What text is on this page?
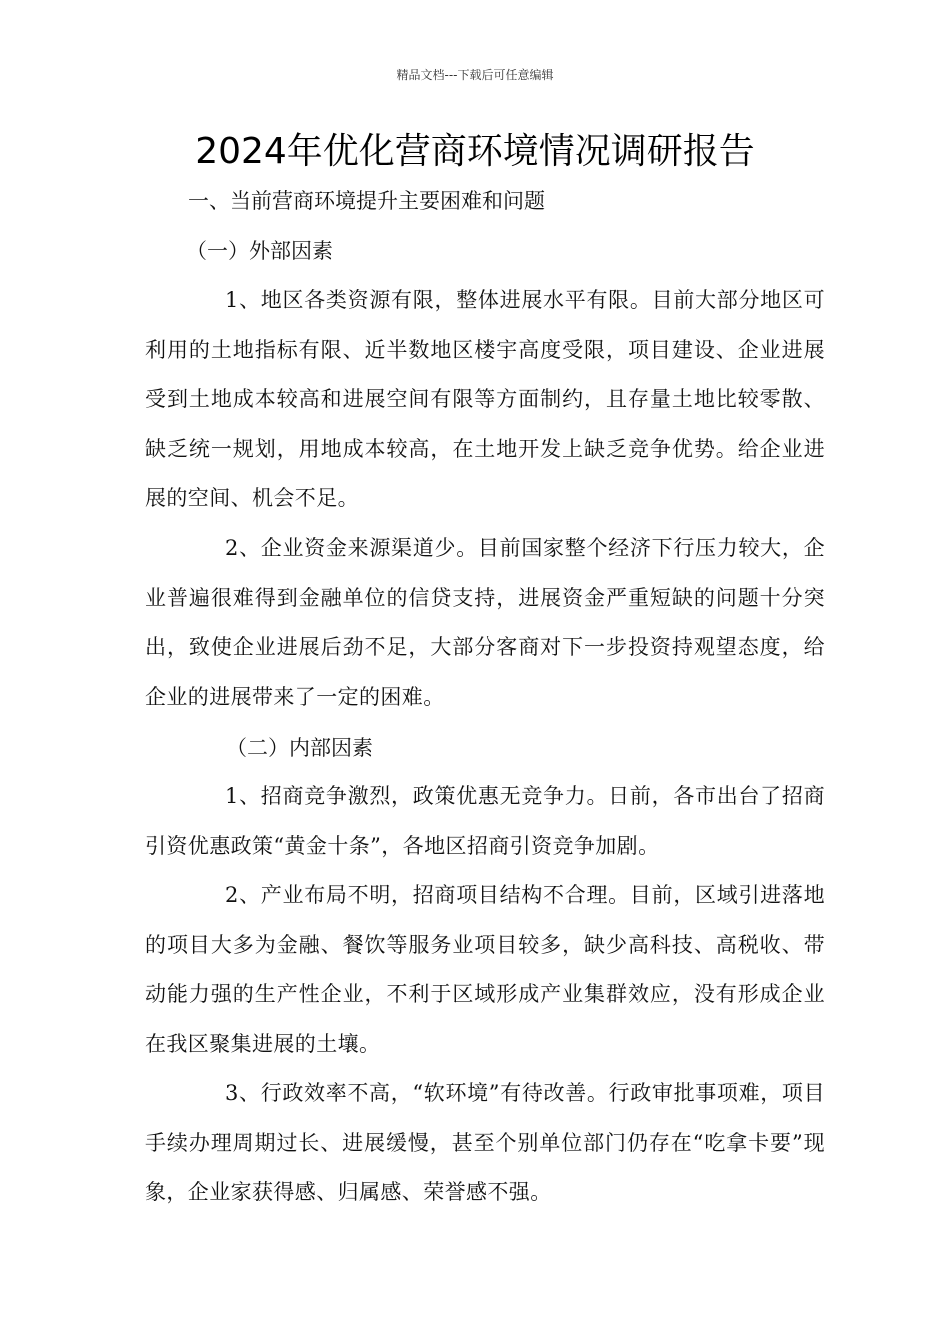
精品文档---下载后可任意编辑
2024年优化营商环境情况调研报告

一、当前营商环境提升主要困难和问题

（一）外部因素

1、地区各类资源有限，整体进展水平有限。目前大部分地区可利用的土地指标有限、近半数地区楼宇高度受限，项目建设、企业进展受到土地成本较高和进展空间有限等方面制约，且存量土地比较零散、缺乏统一规划，用地成本较高，在土地开发上缺乏竞争优势。给企业进展的空间、机会不足。

2、企业资金来源渠道少。目前国家整个经济下行压力较大，企业普遍很难得到金融单位的信贷支持，进展资金严重短缺的问题十分突出，致使企业进展后劲不足，大部分客商对下一步投资持观望态度，给企业的进展带来了一定的困难。

（二）内部因素

1、招商竞争激烈，政策优惠无竞争力。日前，各市出台了招商引资优惠政策“黄金十条”，各地区招商引资竞争加剧。

2、产业布局不明，招商项目结构不合理。目前，区域引进落地的项目大多为金融、餐饮等服务业项目较多，缺少高科技、高税收、带动能力强的生产性企业，不利于区域形成产业集群效应，没有形成企业在我区聚集进展的土壤。

3、行政效率不高，“软环境”有待改善。行政审批事项难，项目手续办理周期过长、进展缓慢，甚至个别单位部门仍存在“吃拿卡要”现象，企业家获得感、归属感、荣誉感不强。
